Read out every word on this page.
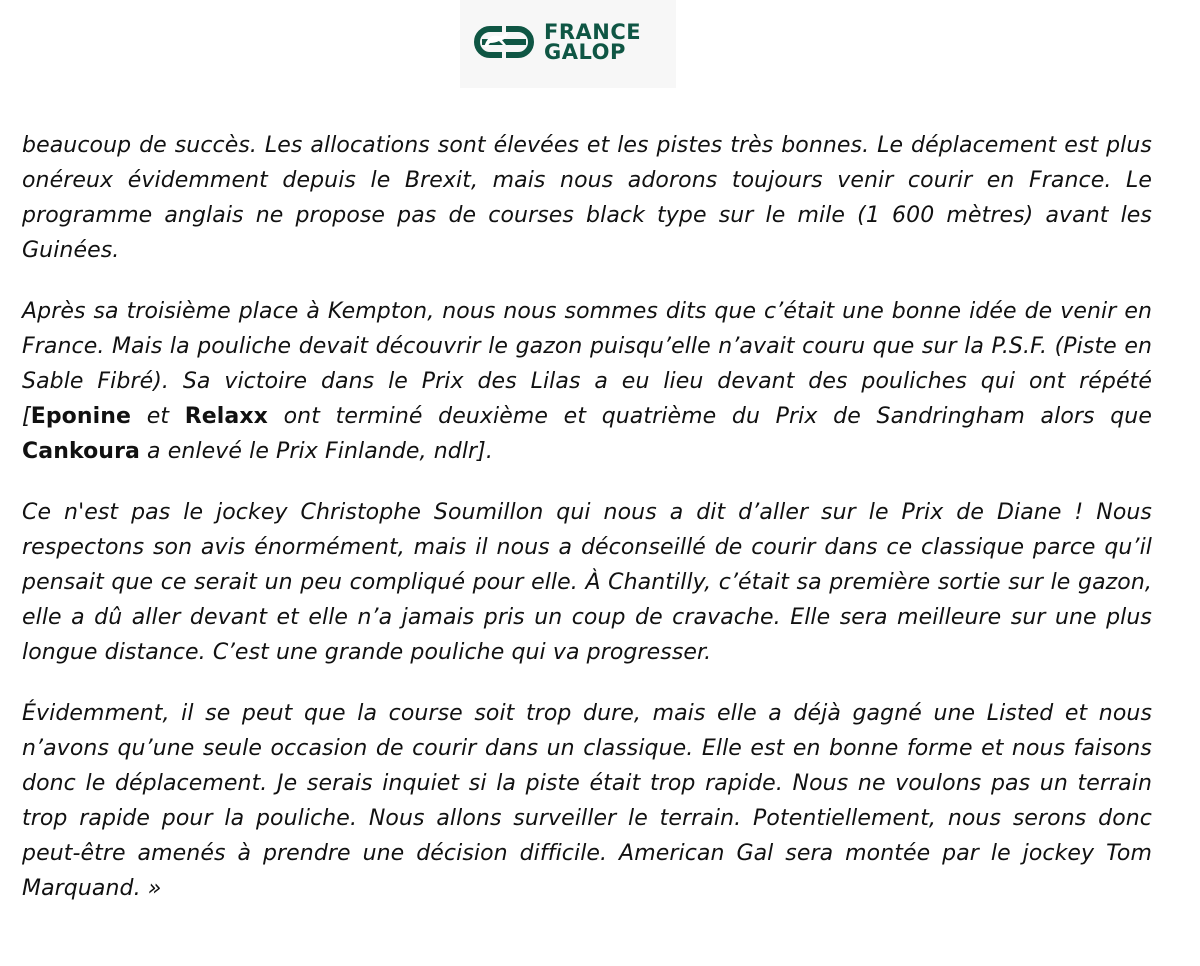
FRANCE
GALOP

beaucoup de succès. Les allocations sont élevées et les pistes très bonnes. Le déplacement est plus onéreux évidemment depuis le Brexit, mais nous adorons toujours venir courir en France. Le programme anglais ne propose pas de courses black type sur le mile (1 600 mètres) avant les Guinées.

Après sa troisième place à Kempton, nous nous sommes dits que c’était une bonne idée de venir en France. Mais la pouliche devait découvrir le gazon puisqu’elle n’avait couru que sur la P.S.F. (Piste en Sable Fibré). Sa victoire dans le Prix des Lilas a eu lieu devant des pouliches qui ont répété [Eponine et Relaxx ont terminé deuxième et quatrième du Prix de Sandringham alors que Cankoura a enlevé le Prix Finlande, ndlr].

Ce n'est pas le jockey Christophe Soumillon qui nous a dit d’aller sur le Prix de Diane ! Nous respectons son avis énormément, mais il nous a déconseillé de courir dans ce classique parce qu’il pensait que ce serait un peu compliqué pour elle. À Chantilly, c’était sa première sortie sur le gazon, elle a dû aller devant et elle n’a jamais pris un coup de cravache. Elle sera meilleure sur une plus longue distance. C’est une grande pouliche qui va progresser.

Évidemment, il se peut que la course soit trop dure, mais elle a déjà gagné une Listed et nous n’avons qu’une seule occasion de courir dans un classique. Elle est en bonne forme et nous faisons donc le déplacement. Je serais inquiet si la piste était trop rapide. Nous ne voulons pas un terrain trop rapide pour la pouliche. Nous allons surveiller le terrain. Potentiellement, nous serons donc peut-être amenés à prendre une décision difficile. American Gal sera montée par le jockey Tom Marquand. »
